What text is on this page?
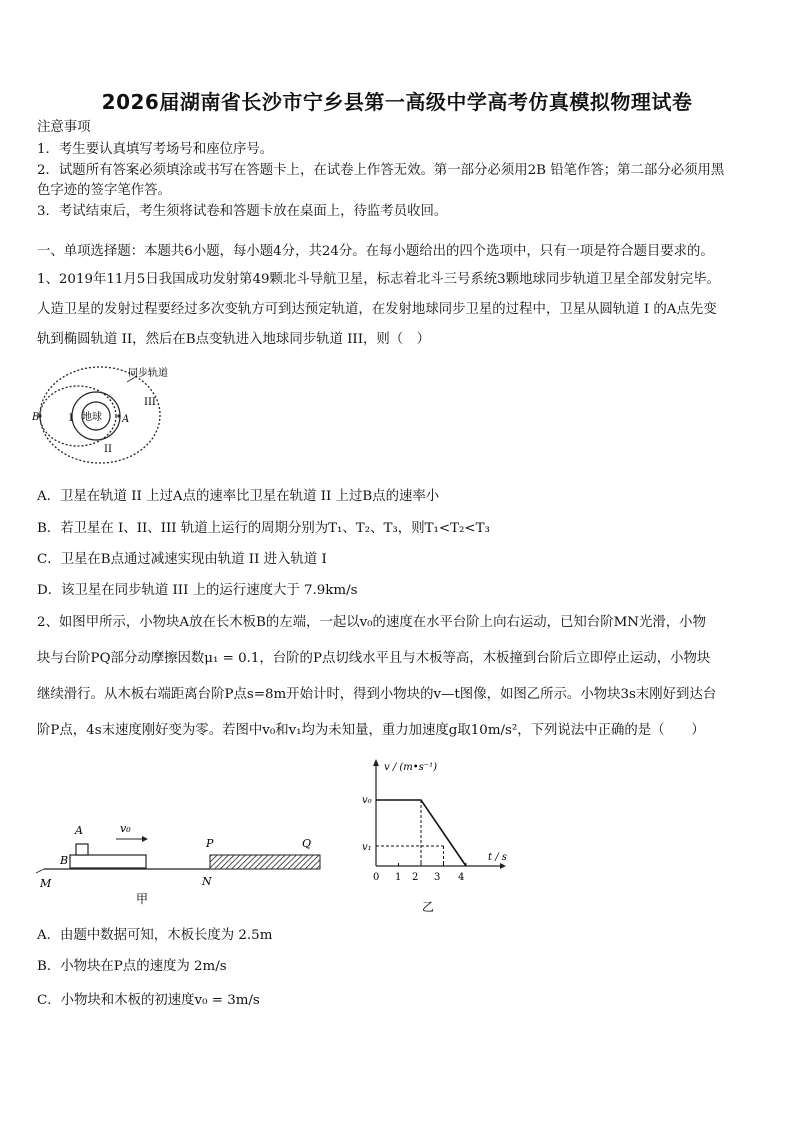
2026届湖南省长沙市宁乡县第一高级中学高考仿真模拟物理试卷
注意事项
1．考生要认真填写考场号和座位序号。
2．试题所有答案必须填涂或书写在答题卡上，在试卷上作答无效。第一部分必须用2B 铅笔作答；第二部分必须用黑
色字迹的签字笔作答。
3．考试结束后，考生须将试卷和答题卡放在桌面上，待监考员收回。
一、单项选择题：本题共6小题，每小题4分，共24分。在每小题给出的四个选项中，只有一项是符合题目要求的。
1、2019年11月5日我国成功发射第49颗北斗导航卫星，标志着北斗三号系统3颗地球同步轨道卫星全部发射完毕。
人造卫星的发射过程要经过多次变轨方可到达预定轨道，在发射地球同步卫星的过程中，卫星从圆轨道 I 的A点先变
轨到椭圆轨道 II，然后在B点变轨进入地球同步轨道 III，则（　）
同步轨道
地球
I
II
III
A
B
A．卫星在轨道 II 上过A点的速率比卫星在轨道 II 上过B点的速率小
B．若卫星在 I、II、III 轨道上运行的周期分别为T₁、T₂、T₃，则T₁<T₂<T₃
C．卫星在B点通过减速实现由轨道 II 进入轨道 I
D．该卫星在同步轨道 III 上的运行速度大于 7.9km/s
2、如图甲所示，小物块A放在长木板B的左端，一起以v₀的速度在水平台阶上向右运动，已知台阶MN光滑，小物
块与台阶PQ部分动摩擦因数μ₁ = 0.1，台阶的P点切线水平且与木板等高，木板撞到台阶后立即停止运动，小物块
继续滑行。从木板右端距离台阶P点s=8m开始计时，得到小物块的v—t图像，如图乙所示。小物块3s末刚好到达台
阶P点，4s末速度刚好变为零。若图中v₀和v₁均为未知量，重力加速度g取10m/s²，下列说法中正确的是（　　）
A
B
v₀
P	Q
M	N
甲
v / (m•s⁻¹)
t / s
v₀
v₁
0 1 2 3 4
乙
A．由题中数据可知，木板长度为 2.5m
B．小物块在P点的速度为 2m/s
C．小物块和木板的初速度v₀ = 3m/s
